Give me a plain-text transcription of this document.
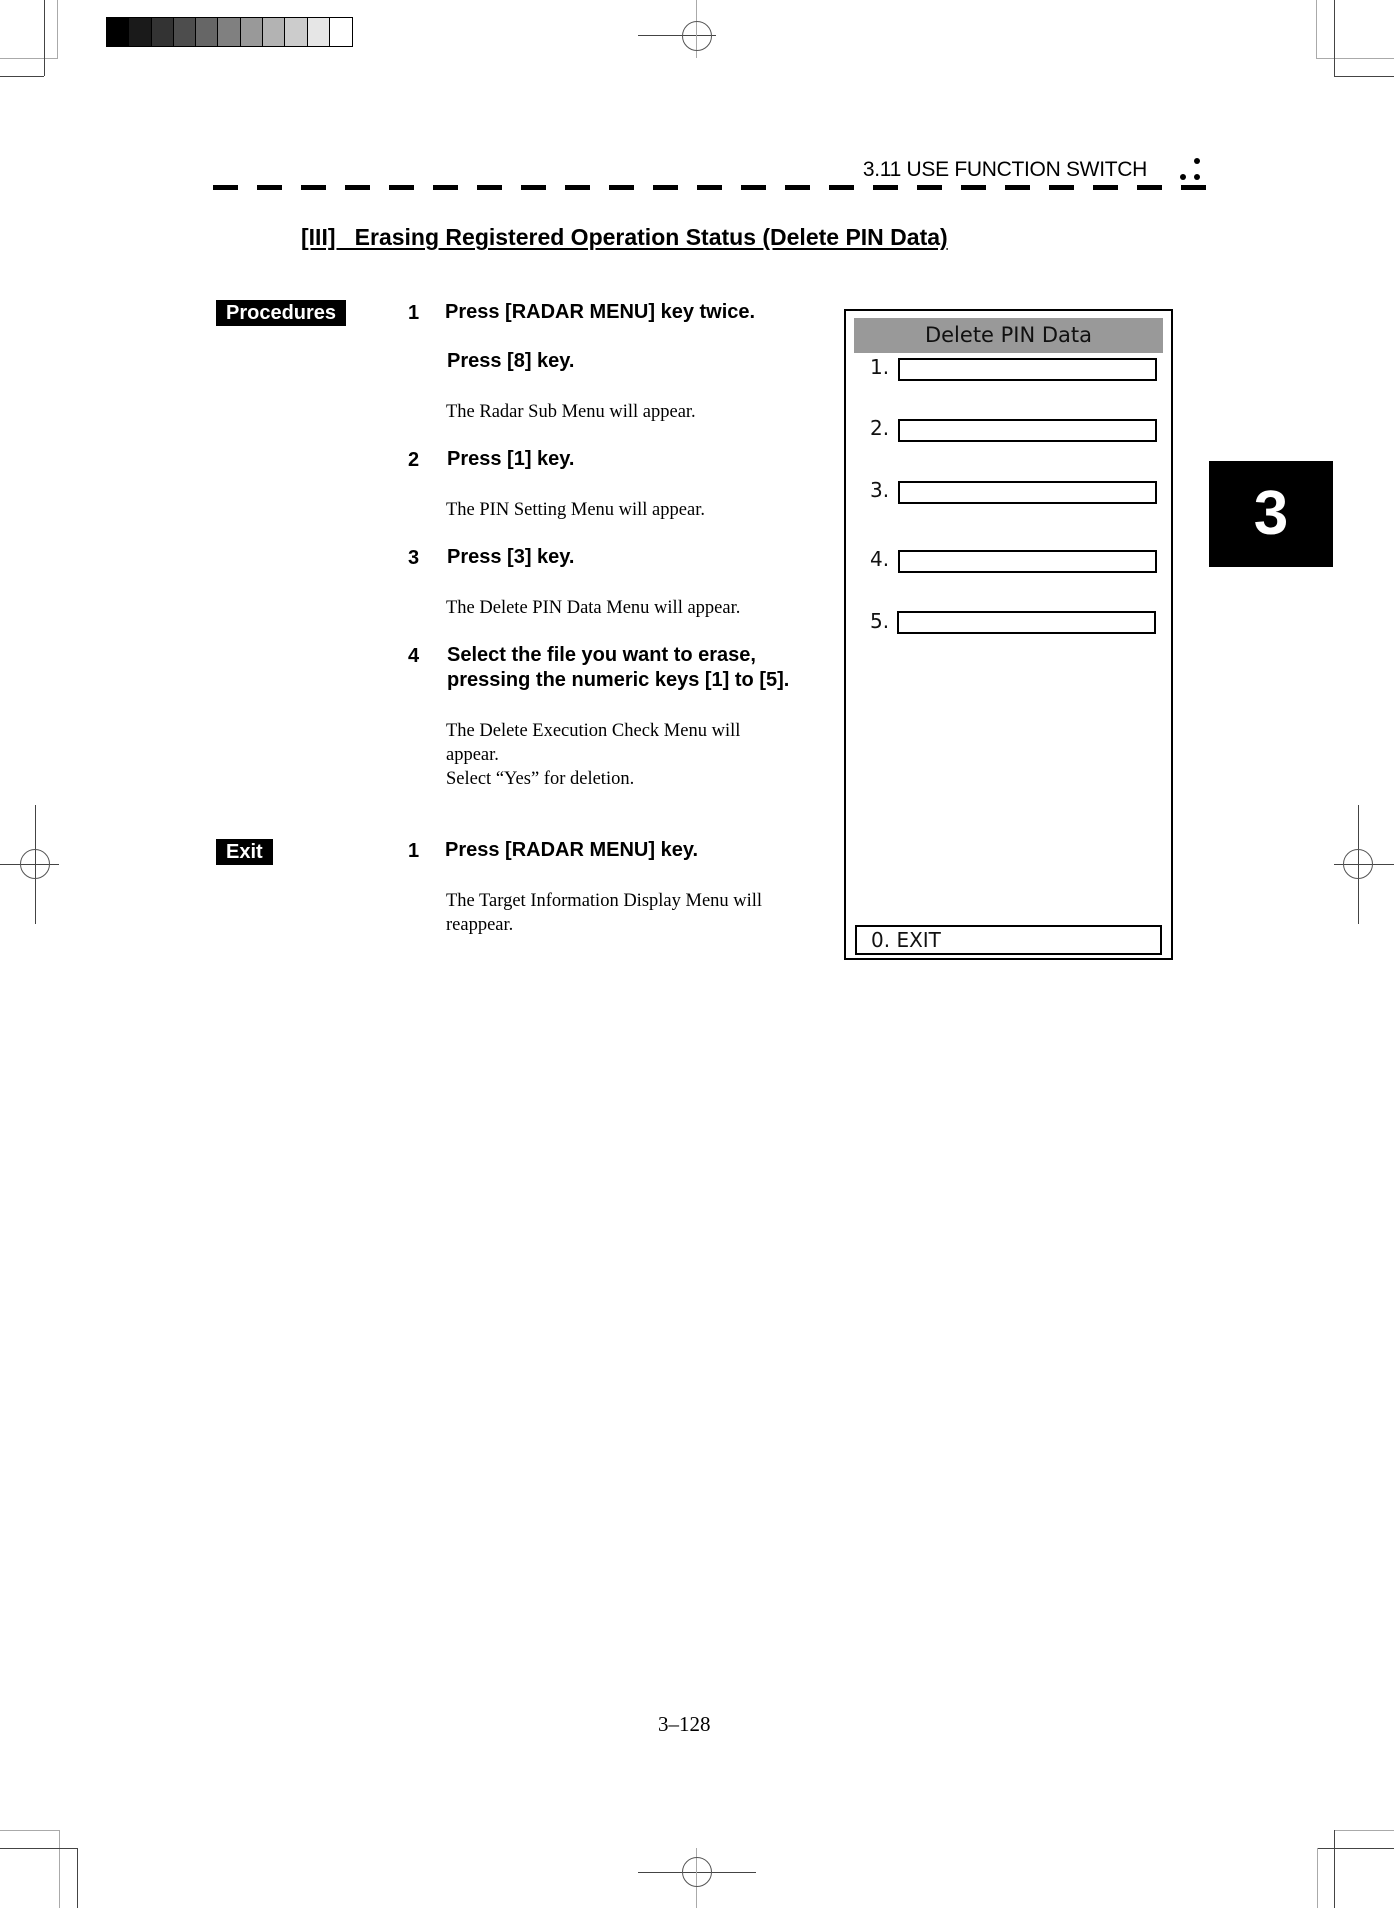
3.11 USE FUNCTION SWITCH
[III]   Erasing Registered Operation Status (Delete PIN Data)
Procedures	1 Press [RADAR MENU] key twice.
Press [8] key.
The Radar Sub Menu will appear.
2 Press [1] key.
The PIN Setting Menu will appear.
3 Press [3] key.
The Delete PIN Data Menu will appear.
4 Select the file you want to erase,
pressing the numeric keys [1] to [5].
The Delete Execution Check Menu will
appear.
Select “Yes” for deletion.
Exit	1 Press [RADAR MENU] key.
The Target Information Display Menu will
reappear.
Delete PIN Data
1.
2.
3.
4.
5.
0. EXIT
3
3‒128
